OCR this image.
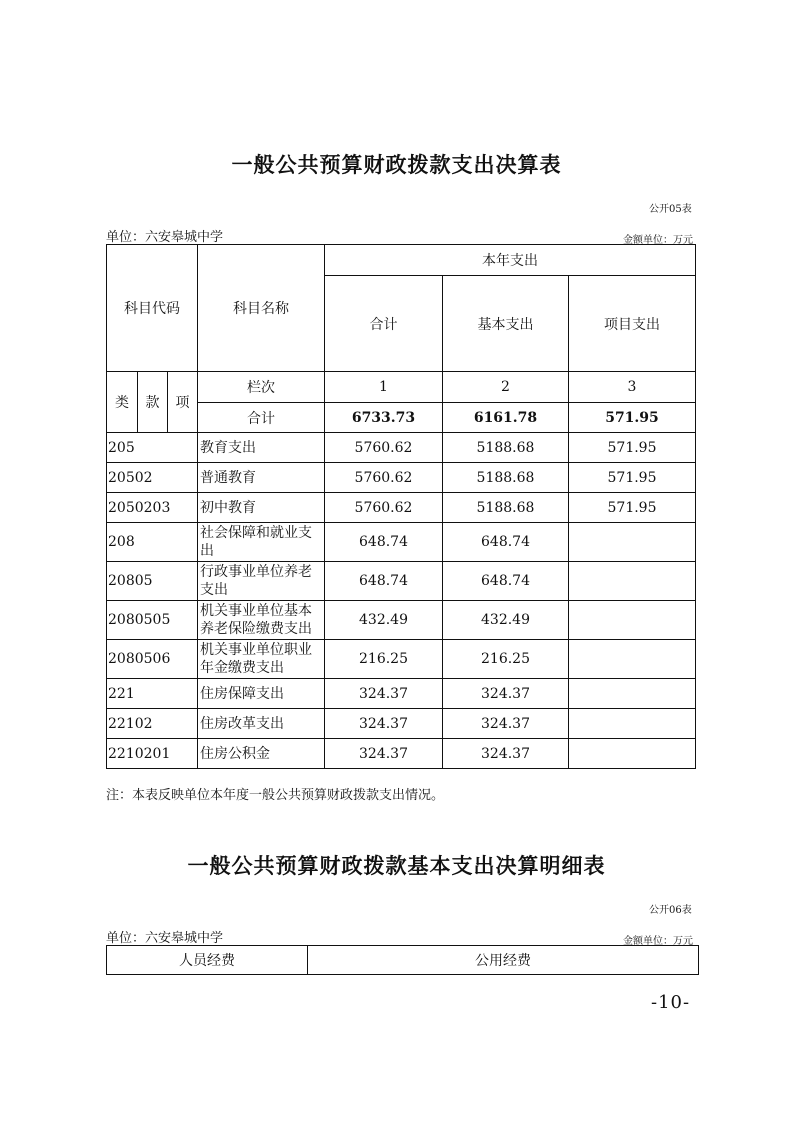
一般公共预算财政拨款支出决算表
公开05表
单位：六安皋城中学	金额单位：万元
科目代码			科目名称	本年支出		
				合计	基本支出	项目支出
类	款	项	栏次	1	2	3
			合计	6733.73	6161.78	571.95
205			教育支出	5760.62	5188.68	571.95
20502			普通教育	5760.62	5188.68	571.95
2050203			初中教育	5760.62	5188.68	571.95
208			社会保障和就业支出	648.74	648.74	
20805			行政事业单位养老支出	648.74	648.74	
2080505			机关事业单位基本养老保险缴费支出	432.49	432.49	
2080506			机关事业单位职业年金缴费支出	216.25	216.25	
221			住房保障支出	324.37	324.37	
22102			住房改革支出	324.37	324.37	
2210201			住房公积金	324.37	324.37	
注：本表反映单位本年度一般公共预算财政拨款支出情况。
一般公共预算财政拨款基本支出决算明细表
公开06表
单位：六安皋城中学	金额单位：万元
人员经费	公用经费
-10-
